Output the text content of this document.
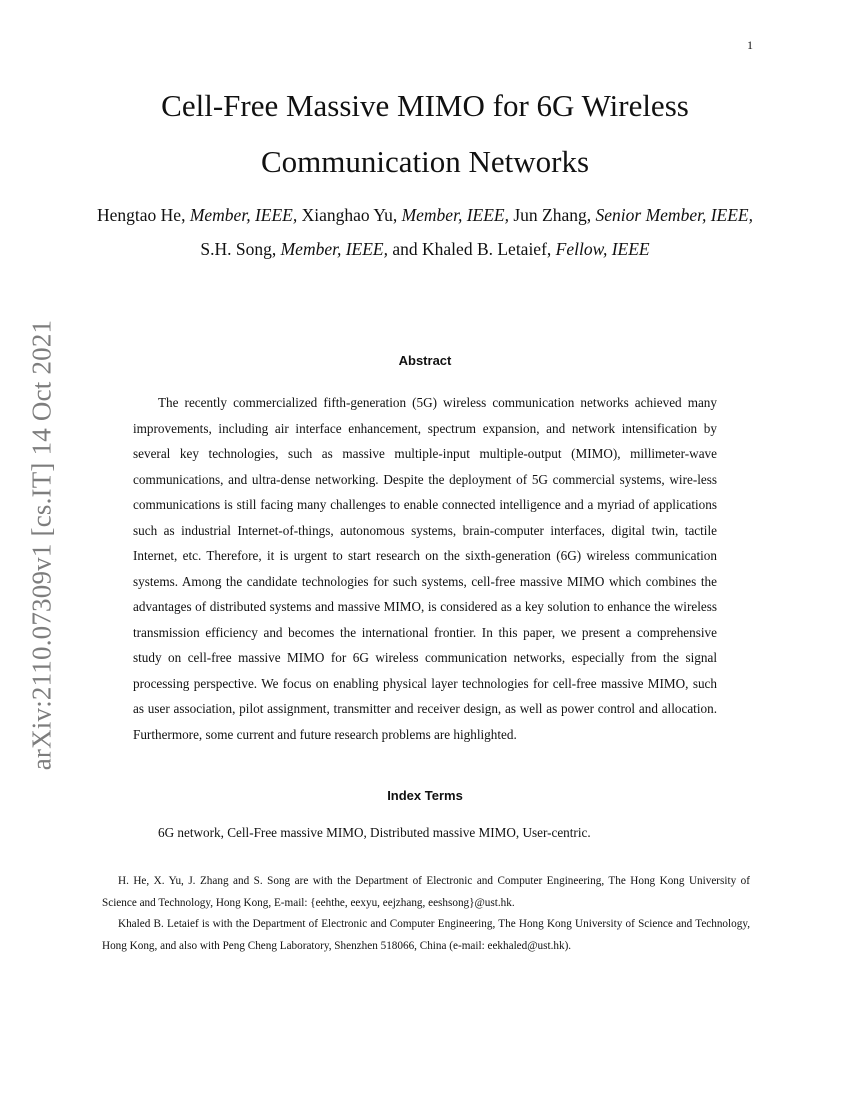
1
arXiv:2110.07309v1 [cs.IT] 14 Oct 2021
Cell-Free Massive MIMO for 6G Wireless Communication Networks
Hengtao He, Member, IEEE, Xianghao Yu, Member, IEEE, Jun Zhang, Senior Member, IEEE, S.H. Song, Member, IEEE, and Khaled B. Letaief, Fellow, IEEE
Abstract

The recently commercialized fifth-generation (5G) wireless communication networks achieved many improvements, including air interface enhancement, spectrum expansion, and network intensification by several key technologies, such as massive multiple-input multiple-output (MIMO), millimeter-wave communications, and ultra-dense networking. Despite the deployment of 5G commercial systems, wire-less communications is still facing many challenges to enable connected intelligence and a myriad of applications such as industrial Internet-of-things, autonomous systems, brain-computer interfaces, digital twin, tactile Internet, etc. Therefore, it is urgent to start research on the sixth-generation (6G) wireless communication systems. Among the candidate technologies for such systems, cell-free massive MIMO which combines the advantages of distributed systems and massive MIMO, is considered as a key solution to enhance the wireless transmission efficiency and becomes the international frontier. In this paper, we present a comprehensive study on cell-free massive MIMO for 6G wireless communication networks, especially from the signal processing perspective. We focus on enabling physical layer technologies for cell-free massive MIMO, such as user association, pilot assignment, transmitter and receiver design, as well as power control and allocation. Furthermore, some current and future research problems are highlighted.

Index Terms

6G network, Cell-Free massive MIMO, Distributed massive MIMO, User-centric.

H. He, X. Yu, J. Zhang and S. Song are with the Department of Electronic and Computer Engineering, The Hong Kong University of Science and Technology, Hong Kong, E-mail: {eehthe, eexyu, eejzhang, eeshsong}@ust.hk.

Khaled B. Letaief is with the Department of Electronic and Computer Engineering, The Hong Kong University of Science and Technology, Hong Kong, and also with Peng Cheng Laboratory, Shenzhen 518066, China (e-mail: eekhaled@ust.hk).
